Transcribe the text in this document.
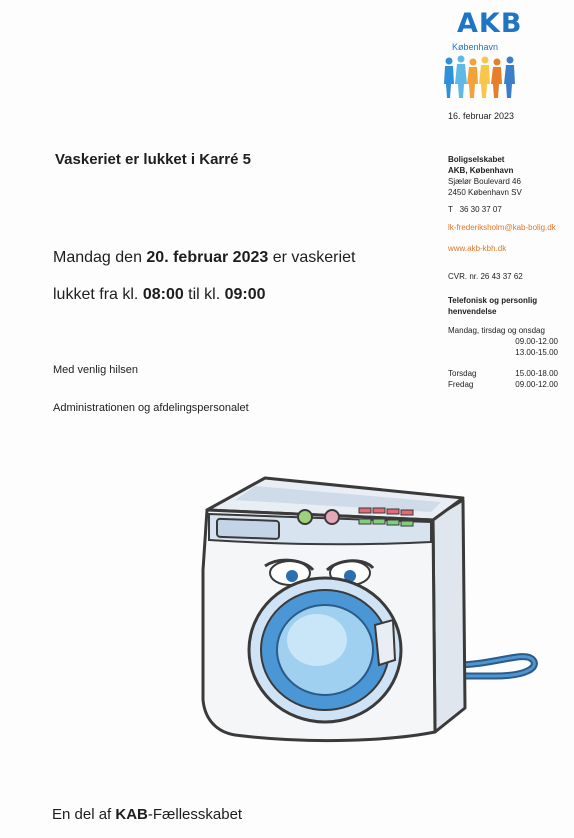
AKB
København
16. februar 2023
Vaskeriet er lukket i Karré 5	Boligselskabet
AKB, København
Sjælør Boulevard 46
2450 København SV
T 36 30 37 07
lk-frederiksholm@kab-bolig.dk
www.akb-kbh.dk
CVR. nr. 26 43 37 62
Telefonisk og personlig henvendelse
Mandag, tirsdag og onsdag
09.00-12.00
13.00-15.00
Torsdag	15.00-18.00
Fredag	09.00-12.00
Mandag den 20. februar 2023 er vaskeriet
lukket fra kl. 08:00 til kl. 09:00
Med venlig hilsen
Administrationen og afdelingspersonalet
En del af KAB-Fællesskabet
